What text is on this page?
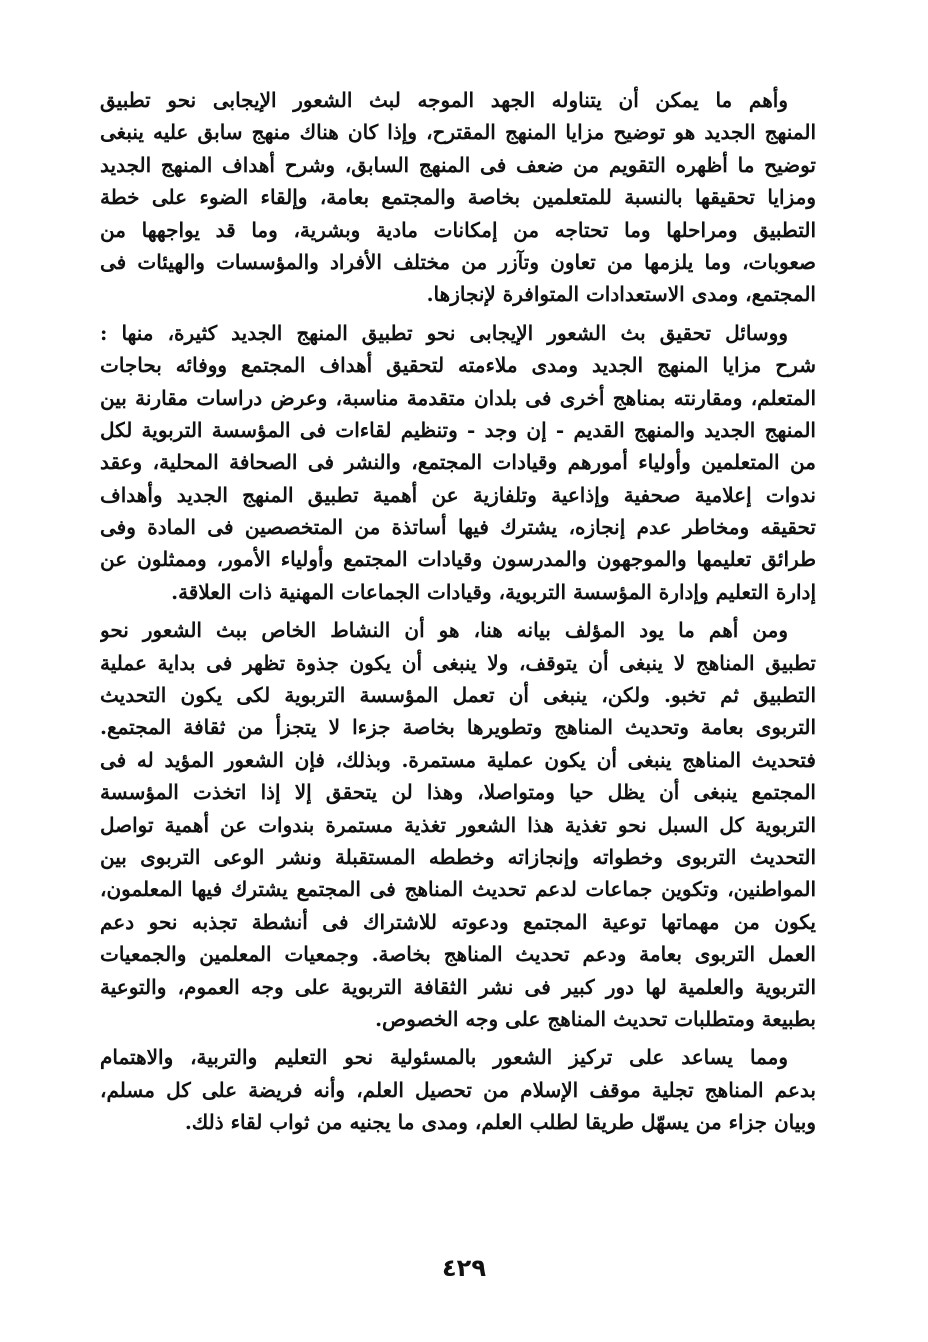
وأهم ما يمكن أن يتناوله الجهد الموجه لبث الشعور الإيجابى نحو تطبيق
المنهج الجديد هو توضيح مزايا المنهج المقترح، وإذا كان هناك منهج سابق عليه ينبغى
توضيح ما أظهره التقويم من ضعف فى المنهج السابق، وشرح أهداف المنهج الجديد
ومزايا تحقيقها بالنسبة للمتعلمين بخاصة والمجتمع بعامة، وإلقاء الضوء على خطة
التطبيق ومراحلها وما تحتاجه من إمكانات مادية وبشرية، وما قد يواجهها من
صعوبات، وما يلزمها من تعاون وتآزر من مختلف الأفراد والمؤسسات والهيئات فى
المجتمع، ومدى الاستعدادات المتوافرة لإنجازها.

ووسائل تحقيق بث الشعور الإيجابى نحو تطبيق المنهج الجديد كثيرة، منها :
شرح مزايا المنهج الجديد ومدى ملاءمته لتحقيق أهداف المجتمع ووفائه بحاجات
المتعلم، ومقارنته بمناهج أخرى فى بلدان متقدمة مناسبة، وعرض دراسات مقارنة بين
المنهج الجديد والمنهج القديم - إن وجد - وتنظيم لقاءات فى المؤسسة التربوية لكل
من المتعلمين وأولياء أمورهم وقيادات المجتمع، والنشر فى الصحافة المحلية، وعقد
ندوات إعلامية صحفية وإذاعية وتلفازية عن أهمية تطبيق المنهج الجديد وأهداف
تحقيقه ومخاطر عدم إنجازه، يشترك فيها أساتذة من المتخصصين فى المادة وفى
طرائق تعليمها والموجهون والمدرسون وقيادات المجتمع وأولياء الأمور، وممثلون عن
إدارة التعليم وإدارة المؤسسة التربوية، وقيادات الجماعات المهنية ذات العلاقة.

ومن أهم ما يود المؤلف بيانه هنا، هو أن النشاط الخاص ببث الشعور نحو
تطبيق المناهج لا ينبغى أن يتوقف، ولا ينبغى أن يكون جذوة تظهر فى بداية عملية
التطبيق ثم تخبو. ولكن، ينبغى أن تعمل المؤسسة التربوية لكى يكون التحديث
التربوى بعامة وتحديث المناهج وتطويرها بخاصة جزءا لا يتجزأ من ثقافة المجتمع.
فتحديث المناهج ينبغى أن يكون عملية مستمرة. وبذلك، فإن الشعور المؤيد له فى
المجتمع ينبغى أن يظل حيا ومتواصلا، وهذا لن يتحقق إلا إذا اتخذت المؤسسة
التربوية كل السبل نحو تغذية هذا الشعور تغذية مستمرة بندوات عن أهمية تواصل
التحديث التربوى وخطواته وإنجازاته وخططه المستقبلة ونشر الوعى التربوى بين
المواطنين، وتكوين جماعات لدعم تحديث المناهج فى المجتمع يشترك فيها المعلمون،
يكون من مهماتها توعية المجتمع ودعوته للاشتراك فى أنشطة تجذبه نحو دعم
العمل التربوى بعامة ودعم تحديث المناهج بخاصة. وجمعيات المعلمين والجمعيات
التربوية والعلمية لها دور كبير فى نشر الثقافة التربوية على وجه العموم، والتوعية
بطبيعة ومتطلبات تحديث المناهج على وجه الخصوص.

ومما يساعد على تركيز الشعور بالمسئولية نحو التعليم والتربية، والاهتمام
بدعم المناهج تجلية موقف الإسلام من تحصيل العلم، وأنه فريضة على كل مسلم،
وبيان جزاء من يسهّل طريقا لطلب العلم، ومدى ما يجنيه من ثواب لقاء ذلك.

٤٢٩
